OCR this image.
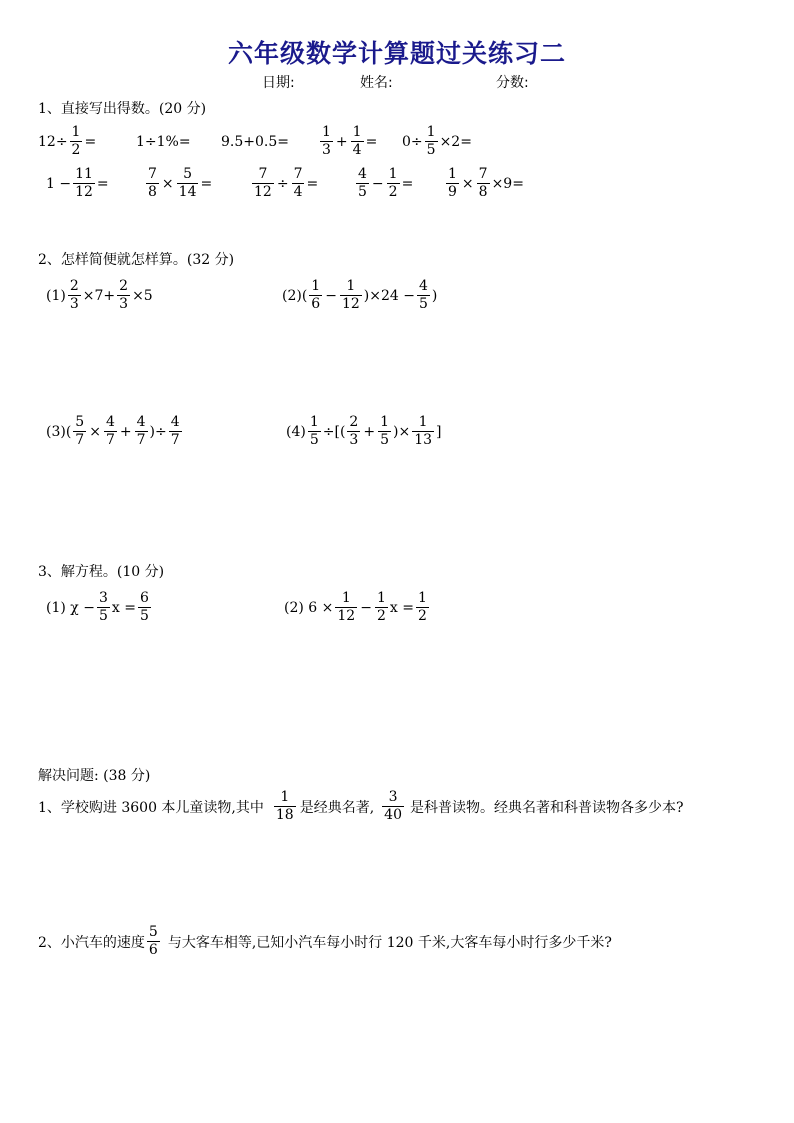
六年级数学计算题过关练习二
日期:	姓名:	分数:
1、直接写出得数。(20 分)
$12\div \frac{1}{2}$ =	$1\div 1\%= 9.5+0.5= \frac{1}{3} + \frac{1}{4} = 0\div \frac{1}{5} \times 2=$
$1 - \frac{11}{12}$ =	$\frac{7}{8} \times \frac{5}{14}$ =	$\frac{7}{12} \div \frac{7}{4}$ =	$\frac{4}{5} - \frac{1}{2} = \frac{1}{9} \times \frac{7}{8} \times 9=$
2、怎样简便就怎样算。(32 分)
$(1) \frac{2}{3} \times 7+ \frac{2}{3} \times 5$	$(2)( \frac{1}{6} - \frac{1}{12} )\times 24 - \frac{4}{5}$ )
$(3)( \frac{5}{7} \times \frac{4}{7} + \frac{4}{7}$ )÷ $\frac{4}{7}$	$(4) \frac{1}{5}$ ÷[( $\frac{2}{3} + \frac{1}{5}$ )× $\frac{1}{13}$ ]
3、解方程。(10 分)
(1) $\chi - \frac{3}{5}$ $x = \frac{6}{5}$	(2) $6 \times \frac{1}{12} - \frac{1}{2}$ $x = \frac{1}{2}$
解决问题: (38 分)
1、学校购进 3600 本儿童读物,其中 $\frac{1}{18}$ 是经典名著, $\frac{3}{40}$ 是科普读物。经典名著和科普读物各多少本?
2、小汽车的速度 $\frac{5}{6}$ 与大客车相等,已知小汽车每小时行 120 千米,大客车每小时行多少千米?
